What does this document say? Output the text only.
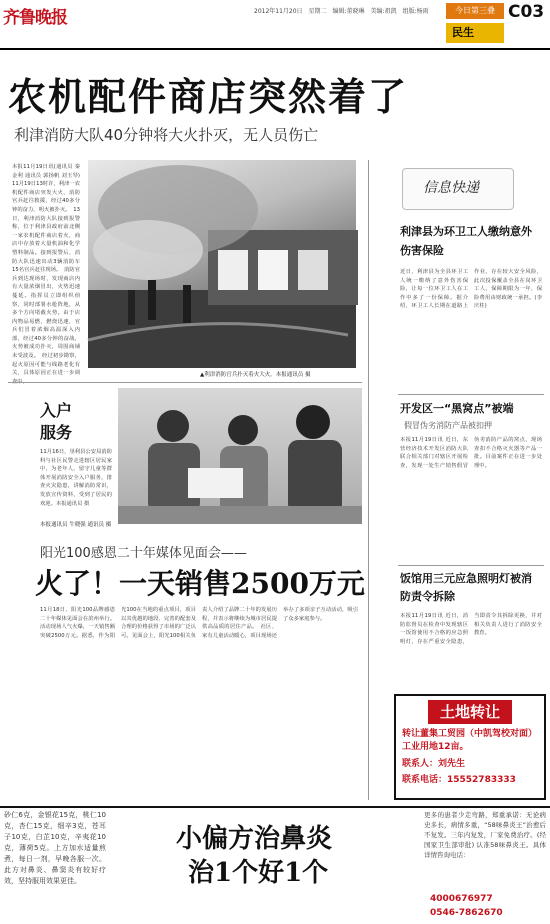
齐鲁晚报	2012年11月20日　星期二　编辑:董晓琳　美编:祖凯　组版:杨雨	今日第三叠
民生
C03
农机配件商店突然着了
利津消防大队40分钟将大火扑灭，无人员伤亡
本报11月19日讯(通讯员 秦金利 通讯员 郭扬帆 刘玉琴) 11月19日13时许，利津一农机配件商店突发大火，消防官兵赶往救援，经过40多分钟的奋力，明火被扑灭。　13日，利津消防大队接到报警称，位于利津县政府前北侧一家农机配件商店着火，商店中存放着大量机油和化学塑料制品。接到报警后，消防大队迅速出动3辆消防车15名官兵赶往现场。　消防官兵到达现场时，发现商店内有大量浓烟冒出，火势迅速蔓延。指挥员立即组织侦察，同时部署水枪阵地，从多个方向堵截火势。由于店内物品易燃，燃烧迅速，官兵们冒着浓烟高温深入内部，经过40多分钟的奋战，火势被成功扑灭，周围商铺未受波及。　经过初步勘察，起火原因可能与线路老化有关，具体原因正在进一步调	▲利津消防官兵扑灭着火大火。本报通讯员 摄
入户服务
11月16日，垦利县公安局消防科与社区民警走进辖区居民家中，为老年人、留守儿童等群体开展消防安全入户服务，排查火灾隐患，讲解消防常识，发放宣传资料，受到了居民的欢迎。本报通讯员 摄
本报通讯员 牛晓强 通讯员 摄
阳光100感恩二十年媒体见面会——
火了！一天销售2500万元
11月18日，阳光100品牌感恩二十年媒体见面会在滨州举行。活动现场人气火爆，一天销售额突破2500万元。据悉，作为阳光100在当地的重点项目，项目以其优越的地段、完善的配套及合理的价格获得了市场的广泛认可。见面会上，阳光100相关负责人介绍了品牌二十年的发展历程，并表示将继续为城市居民提供高品质的居住产品。　社区、家有儿童活动暖心，项目现场还举办了多项亲子互动活动，吸引了众多家庭参与。
信息快递
利津县为环卫工人缴纳意外伤害保险
近日，利津县为全县环卫工人统一缴纳了意外伤害保险，让每一位环卫工人在工作中多了一份保障。据介绍，环卫工人长期在道路上作业，存在较大安全风险，此次投保覆盖全县在岗环卫工人，保障期限为一年，保险费用由财政统一承担。(李庆柱)
开发区一“黑窝点”被端
假冒伪劣消防产品被扣押
本报11月19日讯 近日，东营经济技术开发区消防大队联合相关部门对辖区开展检查，发现一处生产销售假冒伪劣消防产品的窝点，现场查扣不合格灭火器等产品一批。目前案件正在进一步处理中。
饭馆用三元应急照明灯被消防责令拆除
本报11月19日讯 近日，消防监督员在检查中发现辖区一饭馆使用不合格的应急照明灯，存在严重安全隐患，当即责令其拆除更换，并对相关负责人进行了消防安全教育。
土地转让
转让董集工贸园（中凯驾校对面）工业用地12亩。
联系人：刘先生
联系电话：15552783333
砂仁6克，金银花15克，桃仁10克，杏仁15克，细辛3克，苍耳子10克，白芷10克，辛夷花10克，薄荷5克。上方加水适量煎煮，每日一剂，早晚各服一次。此方对鼻炎、鼻窦炎有较好疗效，坚持服用效果更佳。
小偏方治鼻炎
治1个好1个
更多的患者少走弯路，郑重承诺：无论病史多长，病情多重，“58味鼻炎王”治愈后不复发。三年内复发，厂家免费治疗。(经国家卫生部审批) 认准58味鼻炎王。具体详情咨询电话：
4000676977
0546-7862670
